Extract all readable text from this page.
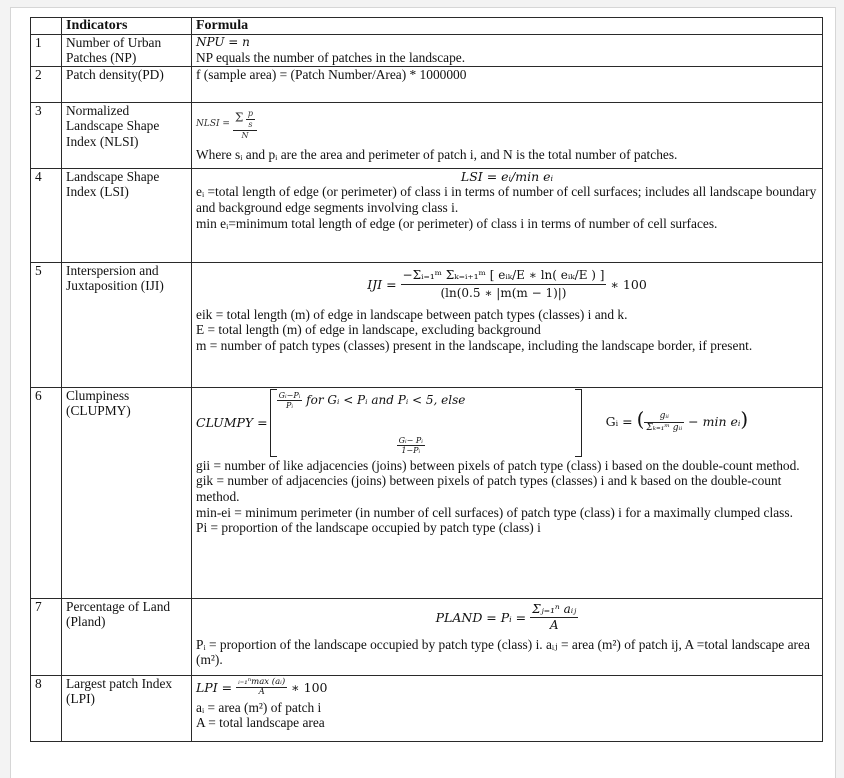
	Indicators	Formula
1	Number of Urban Patches (NP)	NPU = n
NP equals the number of patches in the landscape.

2	Patch density(PD)	f (sample area) = (Patch Number/Area) * 1000000

3	Normalized Landscape Shape Index (NLSI)	
NLSI =
$\frac{\Sigma \frac{p}{s}}{N}$
Where sᵢ and pᵢ are the area and perimeter of patch i, and N is the total number of patches.

4	Landscape Shape Index (LSI)	LSI = eᵢ/min eᵢ
eᵢ =total length of edge (or perimeter) of class i in terms of number of cell surfaces; includes all landscape boundary and background edge segments involving class i.
min eᵢ=minimum total length of edge (or perimeter) of class i in terms of number of cell surfaces.

5	Interspersion and Juxtaposition (IJI)	IJI =
$\frac{\text{−Σᵢ₌₁ᵐ Σₖ₌ᵢ₊₁ᵐ [ eᵢₖ/E ∗ ln( eᵢₖ/E ) ]}}{(\ln(0.5 ∗ |m(m - 1)|)}$
∗ 100
eik = total length (m) of edge in landscape between patch types (classes) i and k.
E = total length (m) of edge in landscape, excluding background
m = number of patch types (classes) present in the landscape, including the landscape border, if present.

6	Clumpiness (CLUPMY)	
CLUMPY =
$\frac{\text{Gᵢ−Pᵢ}}{\text{Pᵢ}}$ for Gᵢ < Pᵢ and Pᵢ < 5, else
$\frac{\text{Gᵢ− Pᵢ}}{\text{1−Pᵢ}}$
Gᵢ = ( $\frac{\text{gᵢᵢ}}{\text{Σₖ₌₁ᵐ gᵢᵢ}} - \min$ eᵢ)
gii = number of like adjacencies (joins) between pixels of patch type (class) i based on the double-count method.
gik = number of adjacencies (joins) between pixels of patch types (classes) i and k based on the double-count method.
min-ei = minimum perimeter (in number of cell surfaces) of patch type (class) i for a maximally clumped class.
Pi = proportion of the landscape occupied by patch type (class) i

7	Percentage of Land (Pland)	PLAND = Pᵢ =
$\frac{\text{Σⱼ₌₁ⁿ aᵢⱼ}}{A}$
Pᵢ = proportion of the landscape occupied by patch type (class) i. aᵢⱼ = area (m²) of patch ij, A =total landscape area (m²).

8	Largest patch Index (LPI)	
LPI =
$\frac{\text{ᵢ₌₁ⁿmax (aᵢ)}}{A}$
∗ 100
aᵢ = area (m²) of patch i
A = total landscape area
